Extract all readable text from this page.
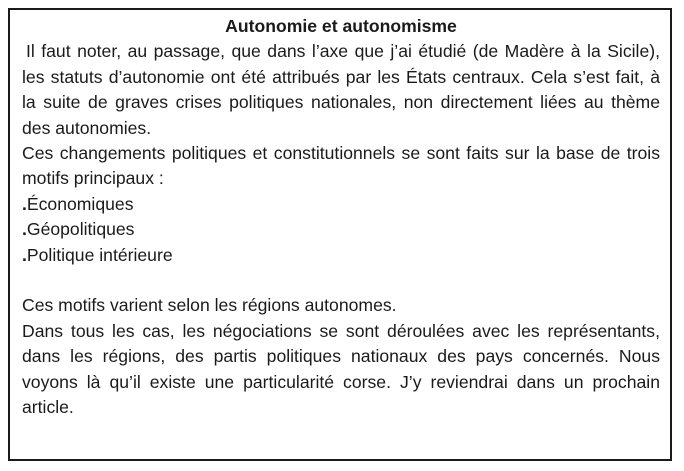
Autonomie et autonomisme

Il faut noter, au passage, que dans l’axe que j’ai étudié (de Madère à la Sicile), les statuts d’autonomie ont été attribués par les États centraux. Cela s’est fait, à la suite de graves crises politiques nationales, non directement liées au thème des autonomies.

Ces changements politiques et constitutionnels se sont faits sur la base de trois motifs principaux :

.Économiques

.Géopolitiques

.Politique intérieure

Ces motifs varient selon les régions autonomes.

Dans tous les cas, les négociations se sont déroulées avec les représentants, dans les régions, des partis politiques nationaux des pays concernés. Nous voyons là qu’il existe une particularité corse. J’y reviendrai dans un prochain article.
